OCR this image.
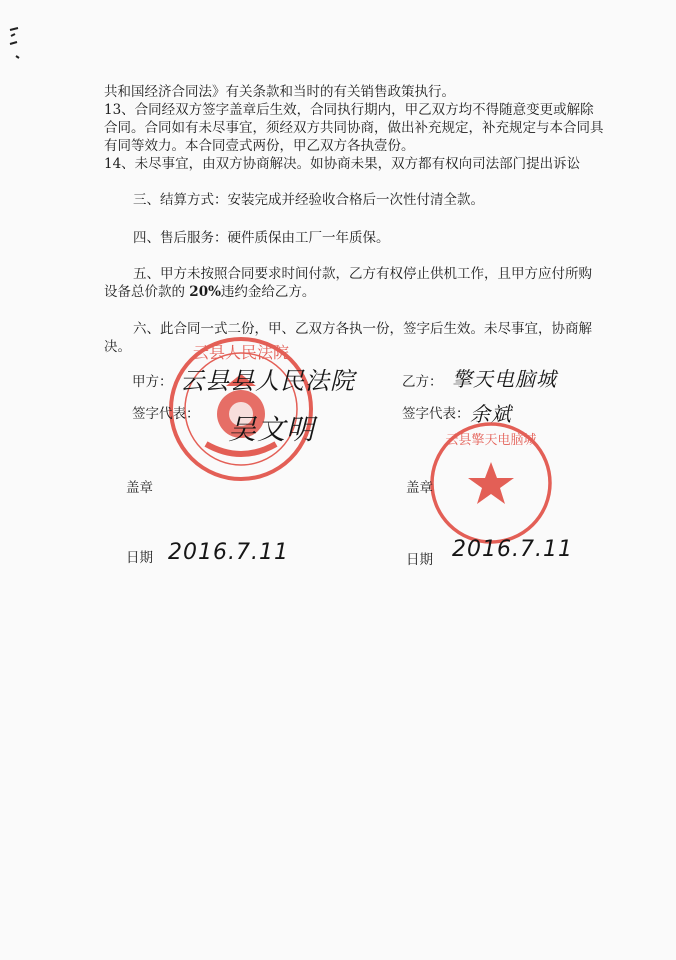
共和国经济合同法》有关条款和当时的有关销售政策执行。

13、合同经双方签字盖章后生效，合同执行期内，甲乙双方均不得随意变更或解除合同。合同如有未尽事宜，须经双方共同协商，做出补充规定，补充规定与本合同具有同等效力。本合同壹式两份，甲乙双方各执壹份。

14、未尽事宜，由双方协商解决。如协商未果，双方都有权向司法部门提出诉讼

三、结算方式：安装完成并经验收合格后一次性付清全款。

四、售后服务：硬件质保由工厂一年质保。

五、甲方未按照合同要求时间付款，乙方有权停止供机工作，且甲方应付所购设备总价款的 20%违约金给乙方。

六、此合同一式二份，甲、乙双方各执一份，签字后生效。未尽事宜，协商解决。	云县人民法院
云县擎天电脑城
甲方： 云县县人民法院
签字代表： 吴文明
盖章
日期 2016.7.11
乙方： 擎天电脑城
签字代表： 余斌
盖章
日期 2016.7.11
